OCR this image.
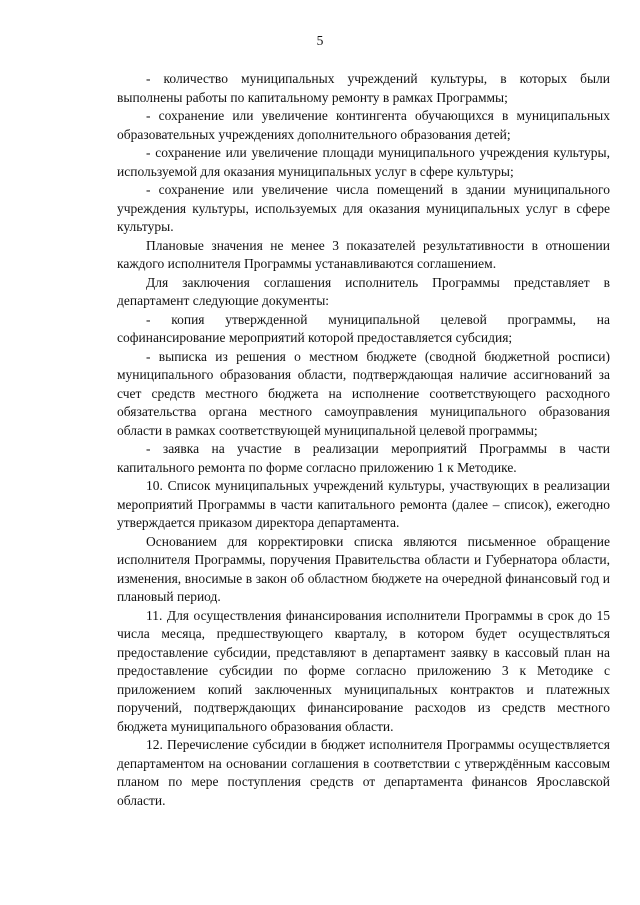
5

- количество муниципальных учреждений культуры, в которых были выполнены работы по капитальному ремонту в рамках Программы;

- сохранение или увеличение контингента обучающихся в муниципальных образовательных учреждениях дополнительного образования детей;

- сохранение или увеличение площади муниципального учреждения культуры, используемой для оказания муниципальных услуг в сфере культуры;

- сохранение или увеличение числа помещений в здании муниципального учреждения культуры, используемых для оказания муниципальных услуг в сфере культуры.

Плановые значения не менее 3 показателей результативности в отношении каждого исполнителя Программы устанавливаются соглашением.

Для заключения соглашения исполнитель Программы представляет в департамент следующие документы:

- копия утвержденной муниципальной целевой программы, на софинансирование мероприятий которой предоставляется субсидия;

- выписка из решения о местном бюджете (сводной бюджетной росписи) муниципального образования области, подтверждающая наличие ассигнований за счет средств местного бюджета на исполнение соответствующего расходного обязательства органа местного самоуправления муниципального образования области в рамках соответствующей муниципальной целевой программы;

- заявка на участие в реализации мероприятий Программы в части капитального ремонта по форме согласно приложению 1 к Методике.

10. Список муниципальных учреждений культуры, участвующих в реализации мероприятий Программы в части капитального ремонта (далее – список), ежегодно утверждается приказом директора департамента.

Основанием для корректировки списка являются письменное обращение исполнителя Программы, поручения Правительства области и Губернатора области, изменения, вносимые в закон об областном бюджете на очередной финансовый год и плановый период.

11. Для осуществления финансирования исполнители Программы в срок до 15 числа месяца, предшествующего кварталу, в котором будет осуществляться предоставление субсидии, представляют в департамент заявку в кассовый план на предоставление субсидии по форме согласно приложению 3 к Методике с приложением копий заключенных муниципальных контрактов и платежных поручений, подтверждающих финансирование расходов из средств местного бюджета муниципального образования области.

12. Перечисление субсидии в бюджет исполнителя Программы осуществляется департаментом на основании соглашения в соответствии с утверждённым кассовым планом по мере поступления средств от департамента финансов Ярославской области.
